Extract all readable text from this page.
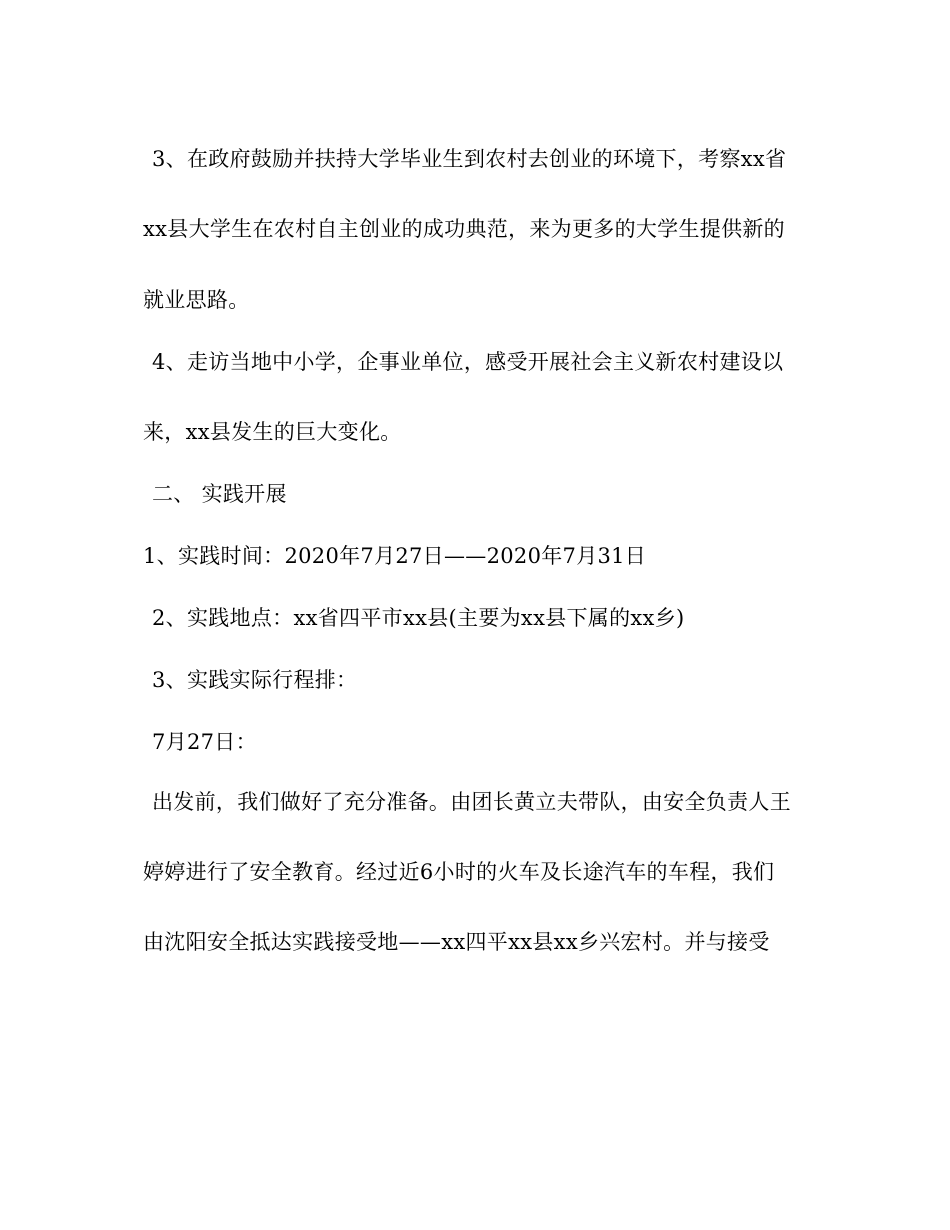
3、在政府鼓励并扶持大学毕业生到农村去创业的环境下，考察xx省
xx县大学生在农村自主创业的成功典范，来为更多的大学生提供新的
就业思路。
4、走访当地中小学，企事业单位，感受开展社会主义新农村建设以
来，xx县发生的巨大变化。
二、 实践开展
1、实践时间：2020年7月27日——2020年7月31日
2、实践地点：xx省四平市xx县(主要为xx县下属的xx乡)
3、实践实际行程排：
7月27日：
出发前，我们做好了充分准备。由团长黄立夫带队，由安全负责人王
婷婷进行了安全教育。经过近6小时的火车及长途汽车的车程，我们
由沈阳安全抵达实践接受地——xx四平xx县xx乡兴宏村。并与接受
